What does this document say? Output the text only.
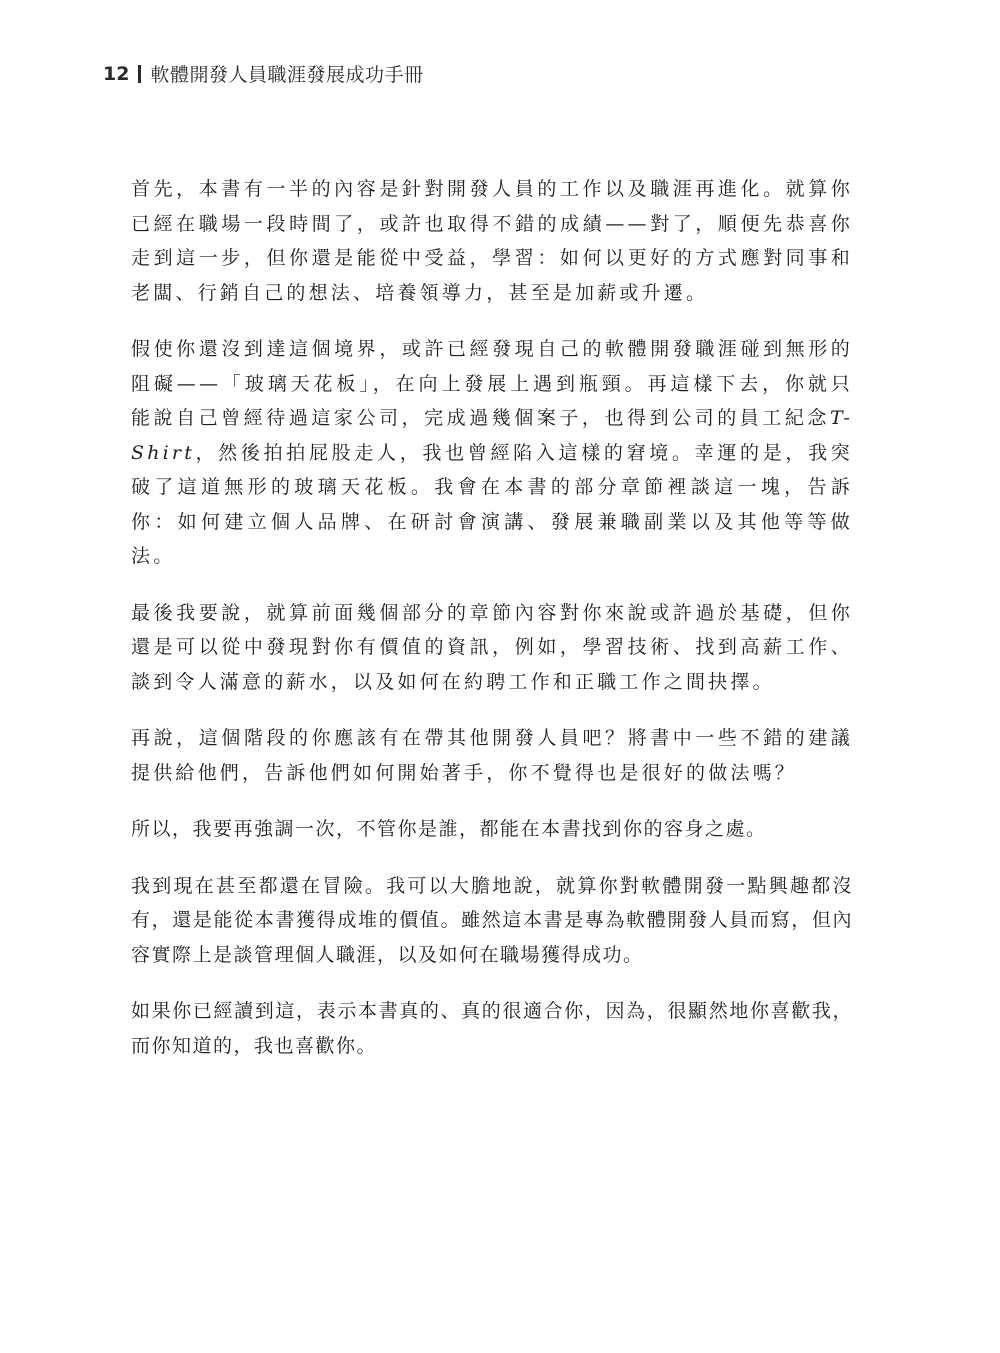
12 軟體開發人員職涯發展成功手冊

首先，本書有一半的內容是針對開發人員的工作以及職涯再進化。就算你已經在職場一段時間了，或許也取得不錯的成績——對了，順便先恭喜你走到這一步，但你還是能從中受益，學習：如何以更好的方式應對同事和老闆、行銷自己的想法、培養領導力，甚至是加薪或升遷。

假使你還沒到達這個境界，或許已經發現自己的軟體開發職涯碰到無形的阻礙——「玻璃天花板」，在向上發展上遇到瓶頸。再這樣下去，你就只能說自己曾經待過這家公司，完成過幾個案子，也得到公司的員工紀念T-Shirt，然後拍拍屁股走人，我也曾經陷入這樣的窘境。幸運的是，我突破了這道無形的玻璃天花板。我會在本書的部分章節裡談這一塊，告訴你：如何建立個人品牌、在研討會演講、發展兼職副業以及其他等等做法。

最後我要說，就算前面幾個部分的章節內容對你來說或許過於基礎，但你還是可以從中發現對你有價值的資訊，例如，學習技術、找到高薪工作、談到令人滿意的薪水，以及如何在約聘工作和正職工作之間抉擇。

再說，這個階段的你應該有在帶其他開發人員吧？將書中一些不錯的建議提供給他們，告訴他們如何開始著手，你不覺得也是很好的做法嗎？

所以，我要再強調一次，不管你是誰，都能在本書找到你的容身之處。

我到現在甚至都還在冒險。我可以大膽地說，就算你對軟體開發一點興趣都沒有，還是能從本書獲得成堆的價值。雖然這本書是專為軟體開發人員而寫，但內容實際上是談管理個人職涯，以及如何在職場獲得成功。

如果你已經讀到這，表示本書真的、真的很適合你，因為，很顯然地你喜歡我，而你知道的，我也喜歡你。
